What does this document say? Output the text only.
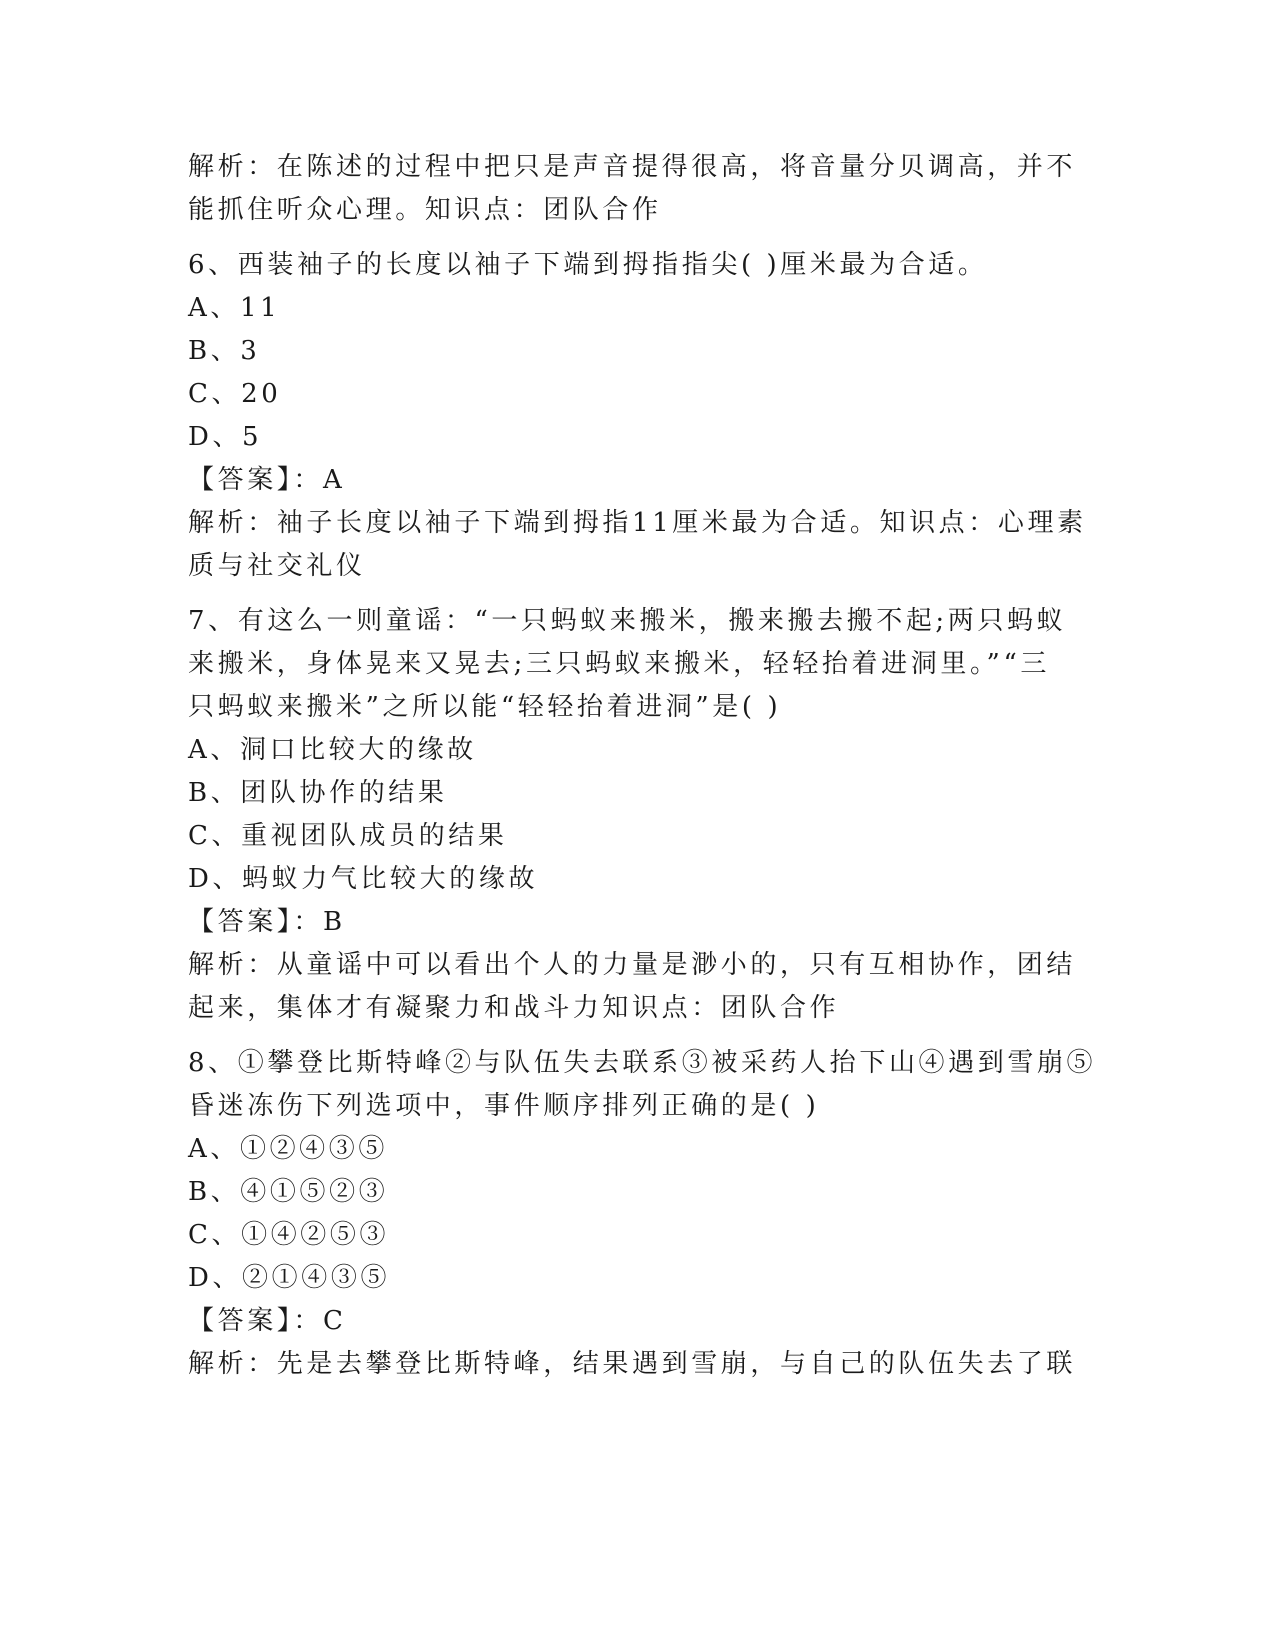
解析：在陈述的过程中把只是声音提得很高，将音量分贝调高，并不

能抓住听众心理。知识点：团队合作

6、西装袖子的长度以袖子下端到拇指指尖( )厘米最为合适。

A、11

B、3

C、20

D、5

【答案】：A

解析：袖子长度以袖子下端到拇指11厘米最为合适。知识点：心理素

质与社交礼仪

7、有这么一则童谣：“一只蚂蚁来搬米，搬来搬去搬不起;两只蚂蚁

来搬米，身体晃来又晃去;三只蚂蚁来搬米，轻轻抬着进洞里。”“三

只蚂蚁来搬米”之所以能“轻轻抬着进洞”是( )

A、洞口比较大的缘故

B、团队协作的结果

C、重视团队成员的结果

D、蚂蚁力气比较大的缘故

【答案】：B

解析：从童谣中可以看出个人的力量是渺小的，只有互相协作，团结

起来，集体才有凝聚力和战斗力知识点：团队合作

8、①攀登比斯特峰②与队伍失去联系③被采药人抬下山④遇到雪崩⑤

昏迷冻伤下列选项中，事件顺序排列正确的是( )

A、①②④③⑤

B、④①⑤②③

C、①④②⑤③

D、②①④③⑤

【答案】：C

解析：先是去攀登比斯特峰，结果遇到雪崩，与自己的队伍失去了联
